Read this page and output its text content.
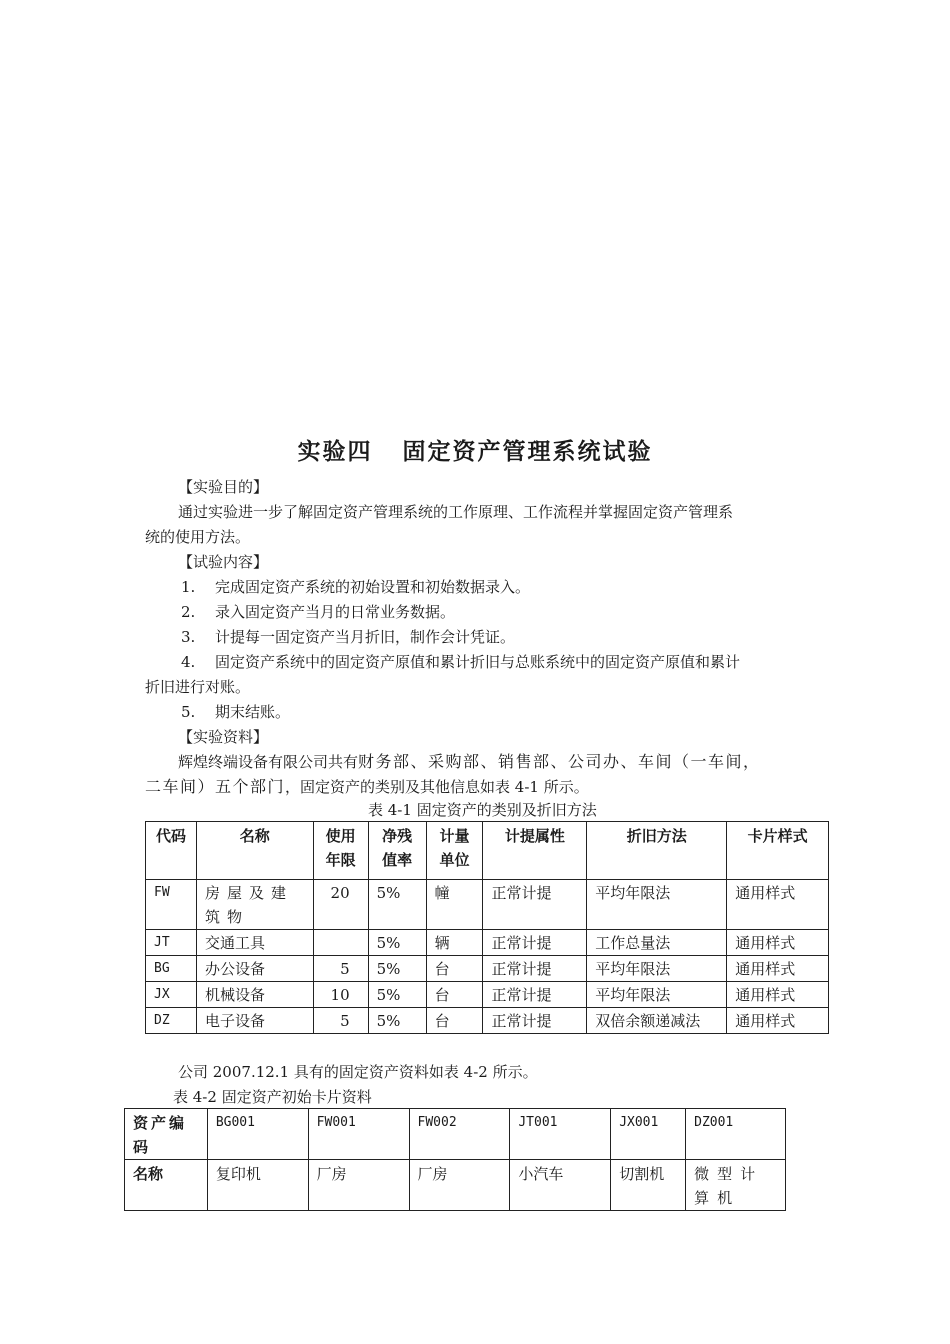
实验四 固定资产管理系统试验
【实验目的】
通过实验进一步了解固定资产管理系统的工作原理、工作流程并掌握固定资产管理系
统的使用方法。
【试验内容】
1. 完成固定资产系统的初始设置和初始数据录入。
2. 录入固定资产当月的日常业务数据。
3. 计提每一固定资产当月折旧，制作会计凭证。
4. 固定资产系统中的固定资产原值和累计折旧与总账系统中的固定资产原值和累计
折旧进行对账。
5. 期末结账。
【实验资料】
辉煌终端设备有限公司共有财务部、采购部、销售部、公司办、车间（一车间，
二车间）五个部门，固定资产的类别及其他信息如表 4-1 所示。
表 4-1 固定资产的类别及折旧方法
代码	名称	使用年限	净残值率	计量单位	计提属性	折旧方法	卡片样式
FW	房屋及建筑物	20	5%	幢	正常计提	平均年限法	通用样式
JT	交通工具		5%	辆	正常计提	工作总量法	通用样式
BG	办公设备	5	5%	台	正常计提	平均年限法	通用样式
JX	机械设备	10	5%	台	正常计提	平均年限法	通用样式
DZ	电子设备	5	5%	台	正常计提	双倍余额递减法	通用样式
公司 2007.12.1 具有的固定资产资料如表 4-2 所示。
表 4-2 固定资产初始卡片资料
资产编码	BG001	FW001	FW002	JT001	JX001	DZ001
名称	复印机	厂房	厂房	小汽车	切割机	微型计算机
